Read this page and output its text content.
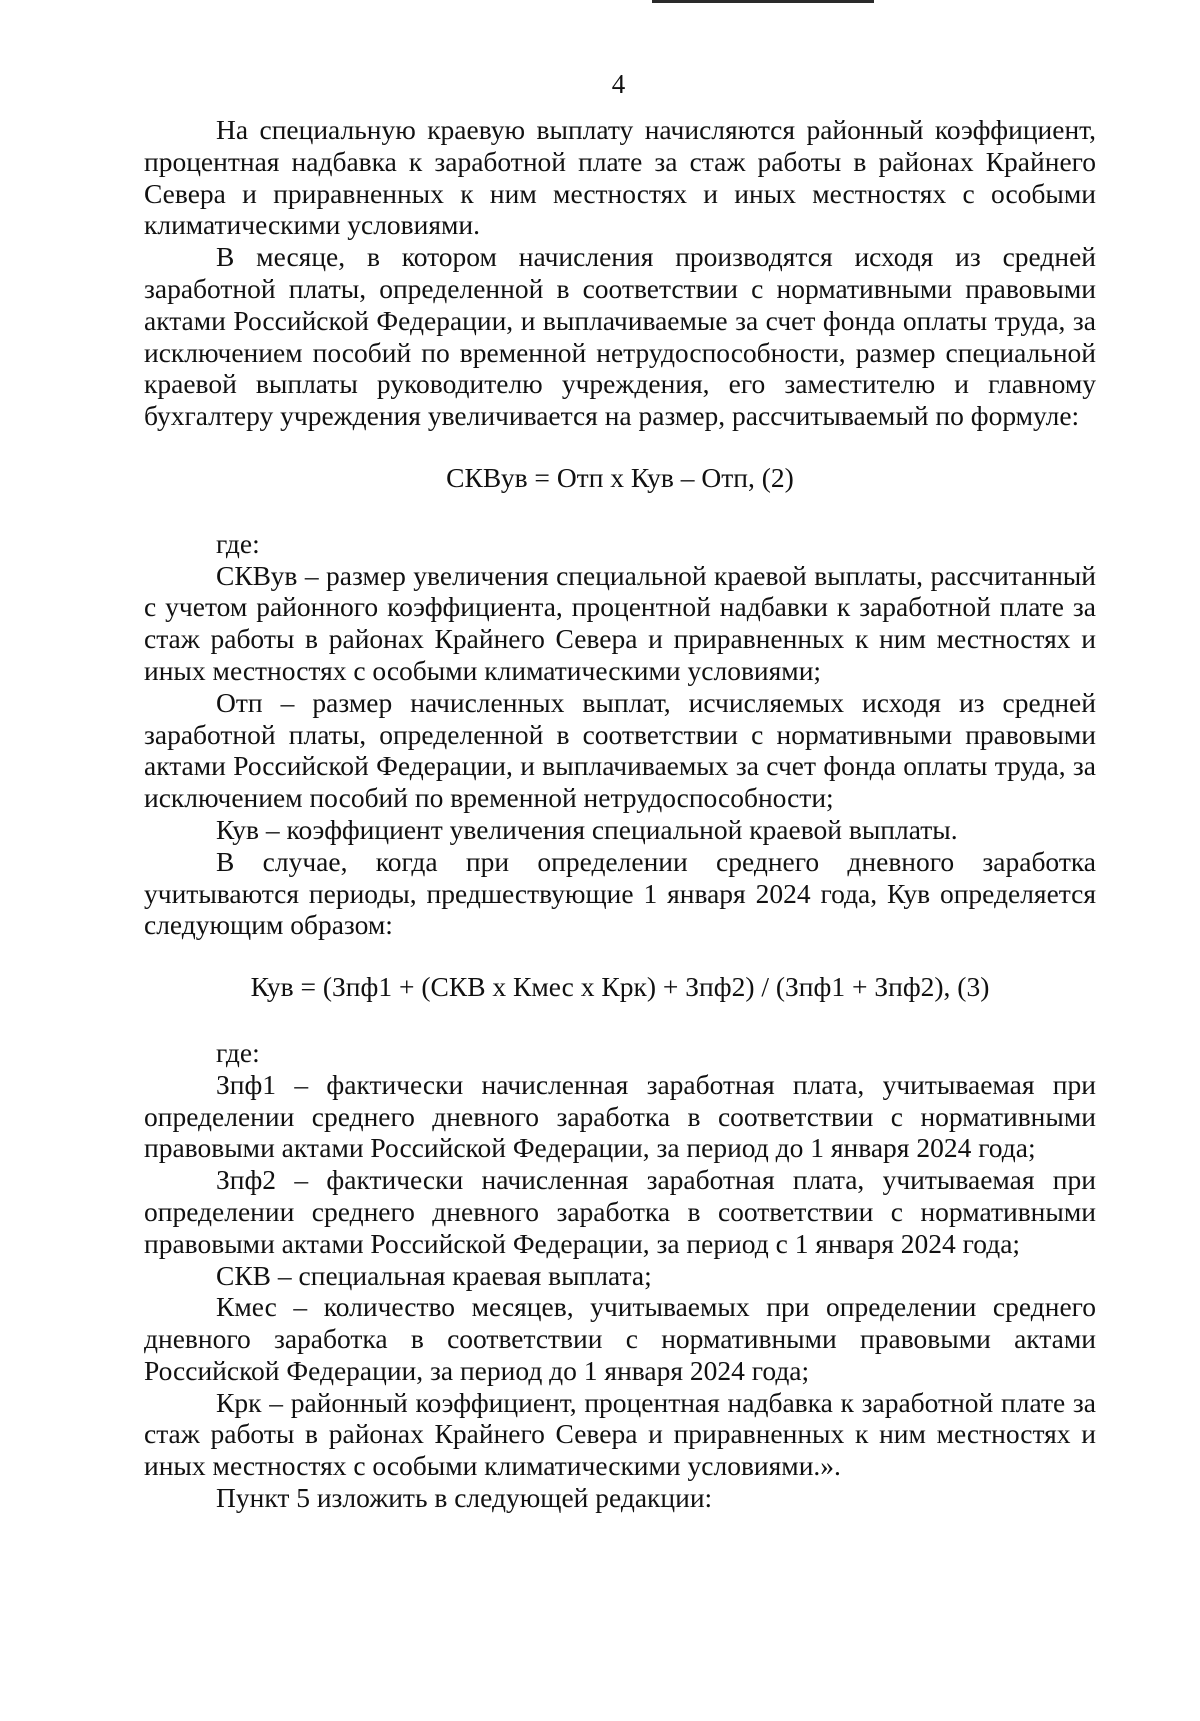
4

На специальную краевую выплату начисляются районный коэффициент, процентная надбавка к заработной плате за стаж работы в районах Крайнего Севера и приравненных к ним местностях и иных местностях с особыми климатическими условиями.

В месяце, в котором начисления производятся исходя из средней заработной платы, определенной в соответствии с нормативными правовыми актами Российской Федерации, и выплачиваемые за счет фонда оплаты труда, за исключением пособий по временной нетрудоспособности, размер специальной краевой выплаты руководителю учреждения, его заместителю и главному бухгалтеру учреждения увеличивается на размер, рассчитываемый по формуле:

СКВув = Отп х Кув – Отп, (2)

где:

СКВув – размер увеличения специальной краевой выплаты, рассчитанный с учетом районного коэффициента, процентной надбавки к заработной плате за стаж работы в районах Крайнего Севера и приравненных к ним местностях и иных местностях с особыми климатическими условиями;

Отп – размер начисленных выплат, исчисляемых исходя из средней заработной платы, определенной в соответствии с нормативными правовыми актами Российской Федерации, и выплачиваемых за счет фонда оплаты труда, за исключением пособий по временной нетрудоспособности;

Кув – коэффициент увеличения специальной краевой выплаты.

В случае, когда при определении среднего дневного заработка учитываются периоды, предшествующие 1 января 2024 года, Кув определяется следующим образом:

Кув = (Зпф1 + (СКВ х Кмес х Крк) + Зпф2) / (Зпф1 + Зпф2), (3)

где:

Зпф1 – фактически начисленная заработная плата, учитываемая при определении среднего дневного заработка в соответствии с нормативными правовыми актами Российской Федерации, за период до 1 января 2024 года;

Зпф2 – фактически начисленная заработная плата, учитываемая при определении среднего дневного заработка в соответствии с нормативными правовыми актами Российской Федерации, за период с 1 января 2024 года;

СКВ – специальная краевая выплата;

Кмес – количество месяцев, учитываемых при определении среднего дневного заработка в соответствии с нормативными правовыми актами Российской Федерации, за период до 1 января 2024 года;

Крк – районный коэффициент, процентная надбавка к заработной плате за стаж работы в районах Крайнего Севера и приравненных к ним местностях и иных местностях с особыми климатическими условиями.».

Пункт 5 изложить в следующей редакции:
